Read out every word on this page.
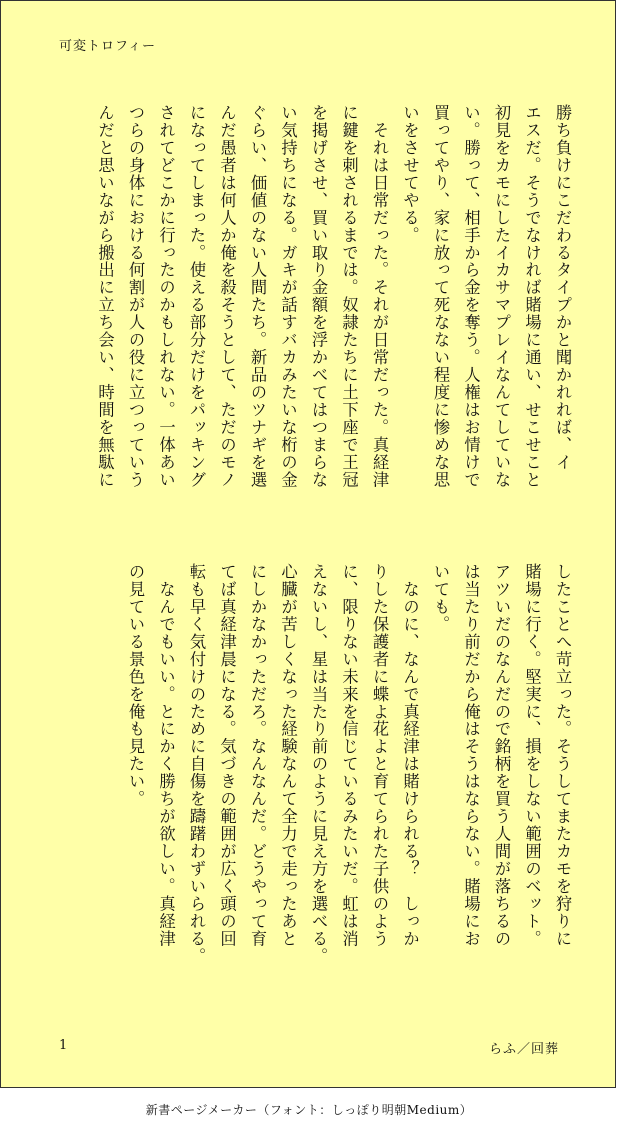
可変トロフィー

勝ち負けにこだわるタイプかと聞かれれば、イ

エスだ。そうでなければ賭場に通い、せこせこと

初見をカモにしたイカサマプレイなんてしていな

い。勝って、相手から金を奪う。人権はお情けで

買ってやり、家に放って死なない程度に惨めな思

いをさせてやる。

　それは日常だった。それが日常だった。真経津

に鍵を刺されるまでは。奴隷たちに土下座で王冠

を掲げさせ、買い取り金額を浮かべてはつまらな

い気持ちになる。ガキが話すバカみたいな桁の金

ぐらい、価値のない人間たち。新品のツナギを選

んだ愚者は何人か俺を殺そうとして、ただのモノ

になってしまった。使える部分だけをパッキング

されてどこかに行ったのかもしれない。一体あい

つらの身体における何割が人の役に立つっていう

んだと思いながら搬出に立ち会い、時間を無駄に

したことへ苛立った。そうしてまたカモを狩りに

賭場に行く。堅実に、損をしない範囲のベット。

アツいだのなんだので銘柄を買う人間が落ちるの

は当たり前だから俺はそうはならない。賭場にお

いても。

　なのに、なんで真経津は賭けられる？　しっか

りした保護者に蝶よ花よと育てられた子供のよう

に、限りない未来を信じているみたいだ。虹は消

えないし、星は当たり前のように見え方を選べる。

心臓が苦しくなった経験なんて全力で走ったあと

にしかなかっただろ。なんなんだ。どうやって育

てば真経津晨になる。気づきの範囲が広く頭の回

転も早く気付けのために自傷を躊躇わずいられる。

　なんでもいい。とにかく勝ちが欲しい。真経津

の見ている景色を俺も見たい。

1	らふ／回葬
新書ページメーカー（フォント：しっぽり明朝Medium）
